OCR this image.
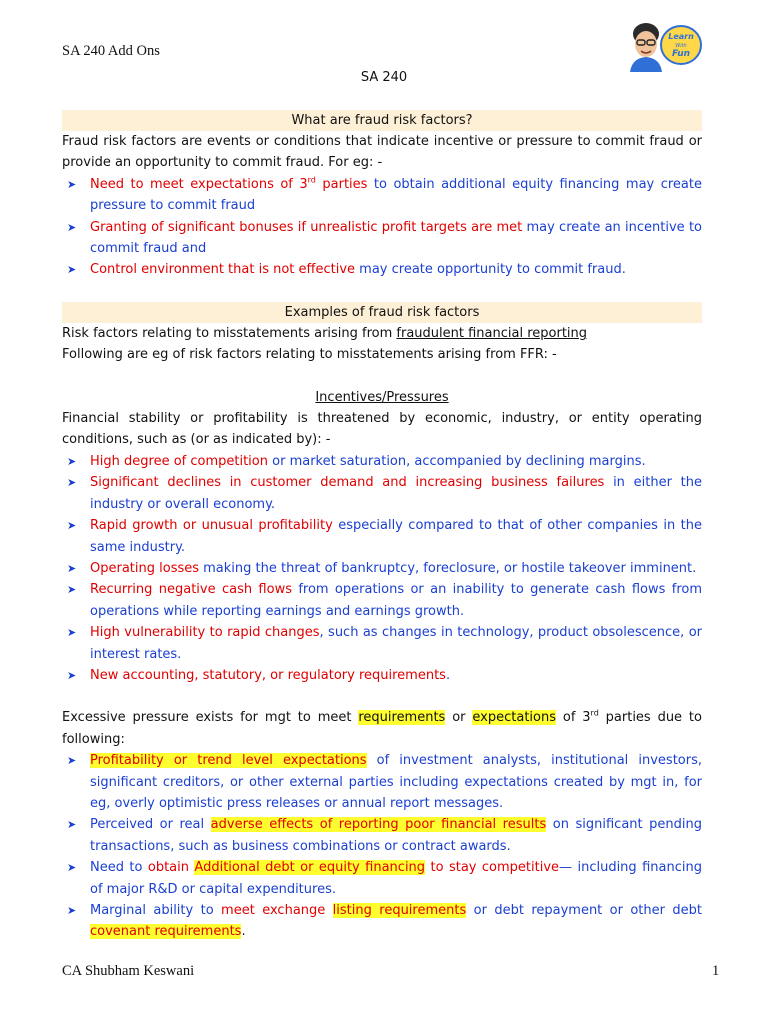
SA 240 Add Ons
SA 240
Learn
With
Fun
What are fraud risk factors?
Fraud risk factors are events or conditions that indicate incentive or pressure to commit fraud or provide an opportunity to commit fraud. For eg: -
➤ Need to meet expectations of 3rd parties to obtain additional equity financing may create pressure to commit fraud
➤ Granting of significant bonuses if unrealistic profit targets are met may create an incentive to commit fraud and
➤ Control environment that is not effective may create opportunity to commit fraud.
Examples of fraud risk factors
Risk factors relating to misstatements arising from fraudulent financial reporting
Following are eg of risk factors relating to misstatements arising from FFR: -
Incentives/Pressures
Financial stability or profitability is threatened by economic, industry, or entity operating conditions, such as (or as indicated by): -
➤ High degree of competition or market saturation, accompanied by declining margins.
➤ Significant declines in customer demand and increasing business failures in either the industry or overall economy.
➤ Rapid growth or unusual profitability especially compared to that of other companies in the same industry.
➤ Operating losses making the threat of bankruptcy, foreclosure, or hostile takeover imminent.
➤ Recurring negative cash flows from operations or an inability to generate cash flows from operations while reporting earnings and earnings growth.
➤ High vulnerability to rapid changes, such as changes in technology, product obsolescence, or interest rates.
➤ New accounting, statutory, or regulatory requirements.
Excessive pressure exists for mgt to meet requirements or expectations of 3rd parties due to following:
➤ Profitability or trend level expectations of investment analysts, institutional investors, significant creditors, or other external parties including expectations created by mgt in, for eg, overly optimistic press releases or annual report messages.
➤ Perceived or real adverse effects of reporting poor financial results on significant pending transactions, such as business combinations or contract awards.
➤ Need to obtain Additional debt or equity financing to stay competitive— including financing of major R&D or capital expenditures.
➤ Marginal ability to meet exchange listing requirements or debt repayment or other debt covenant requirements.
CA Shubham Keswani	1
